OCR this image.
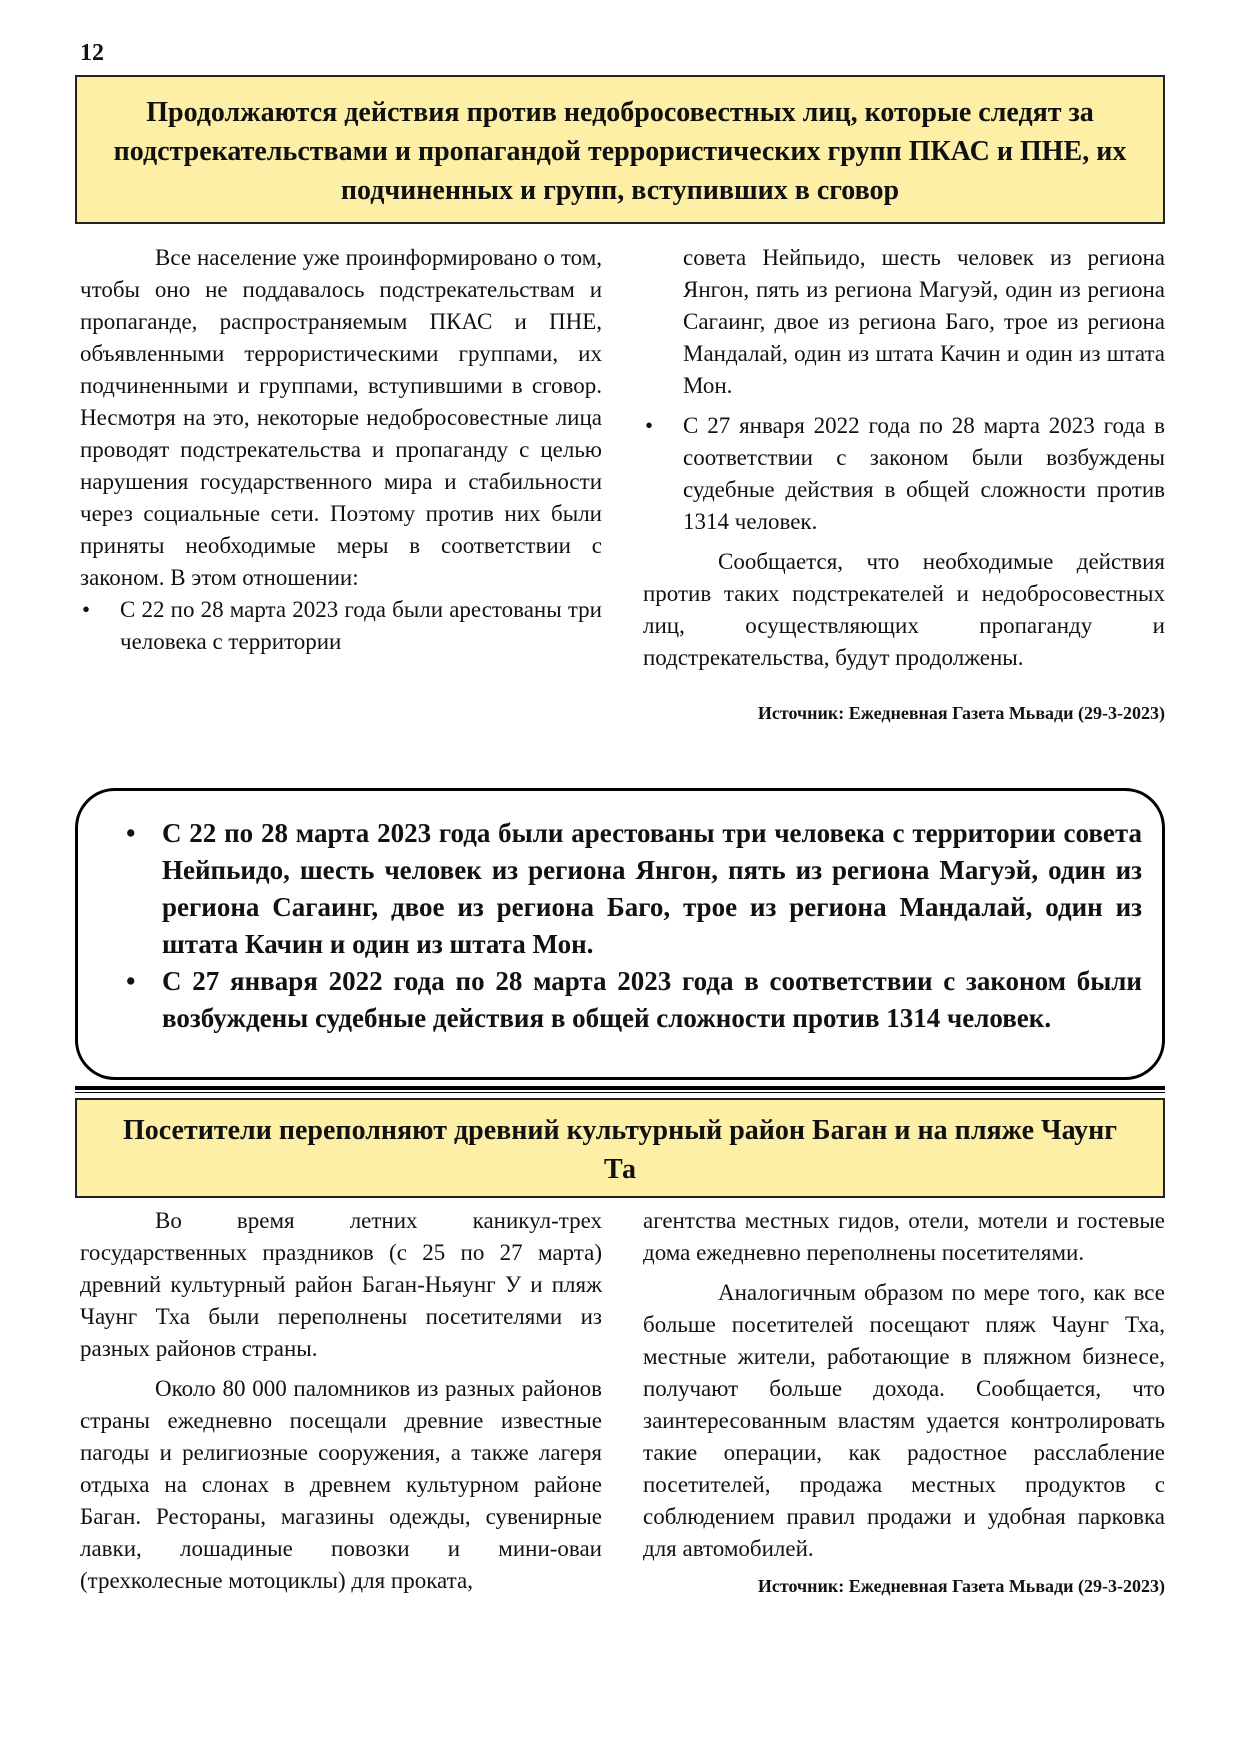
12
Продолжаются действия против недобросовестных лиц, которые следят за подстрекательствами и пропагандой террористических групп ПКАС и ПНЕ, их подчиненных и групп, вступивших в сговор

Все население уже проинформировано о том, чтобы оно не поддавалось подстрекательствам и пропаганде, распространяемым ПКАС и ПНЕ, объявленными террористическими группами, их подчиненными и группами, вступившими в сговор. Несмотря на это, некоторые недобросовестные лица проводят подстрекательства и пропаганду с целью нарушения государственного мира и стабильности через социальные сети. Поэтому против них были приняты необходимые меры в соответствии с законом. В этом отношении:

• С 22 по 28 марта 2023 года были арестованы три человека с территории
совета Нейпьидо, шесть человек из региона Янгон, пять из региона Магуэй, один из региона Сагаинг, двое из региона Баго, трое из региона Мандалай, один из штата Качин и один из штата Мон.
• С 27 января 2022 года по 28 марта 2023 года в соответствии с законом были возбуждены судебные действия в общей сложности против 1314 человек.

Сообщается, что необходимые действия против таких подстрекателей и недобросовестных лиц, осуществляющих пропаганду и подстрекательства, будут продолжены.

Источник: Ежедневная Газета Мьвади (29-3-2023)
• С 22 по 28 марта 2023 года были арестованы три человека с территории совета Нейпьидо, шесть человек из региона Янгон, пять из региона Магуэй, один из региона Сагаинг, двое из региона Баго, трое из региона Мандалай, один из штата Качин и один из штата Мон.
• С 27 января 2022 года по 28 марта 2023 года в соответствии с законом были возбуждены судебные действия в общей сложности против 1314 человек.
Посетители переполняют древний культурный район Баган и на пляже Чаунг Та

Во время летних каникул-трех государственных праздников (с 25 по 27 марта) древний культурный район Баган-Ньяунг У и пляж Чаунг Тха были переполнены посетителями из разных районов страны.

Около 80 000 паломников из разных районов страны ежедневно посещали древние известные пагоды и религиозные сооружения, а также лагеря отдыха на слонах в древнем культурном районе Баган. Рестораны, магазины одежды, сувенирные лавки, лошадиные повозки и мини-оваи (трехколесные мотоциклы) для проката,

агентства местных гидов, отели, мотели и гостевые дома ежедневно переполнены посетителями.

Аналогичным образом по мере того, как все больше посетителей посещают пляж Чаунг Тха, местные жители, работающие в пляжном бизнесе, получают больше дохода. Сообщается, что заинтересованным властям удается контролировать такие операции, как радостное расслабление посетителей, продажа местных продуктов с соблюдением правил продажи и удобная парковка для автомобилей.

Источник: Ежедневная Газета Мьвади (29-3-2023)
